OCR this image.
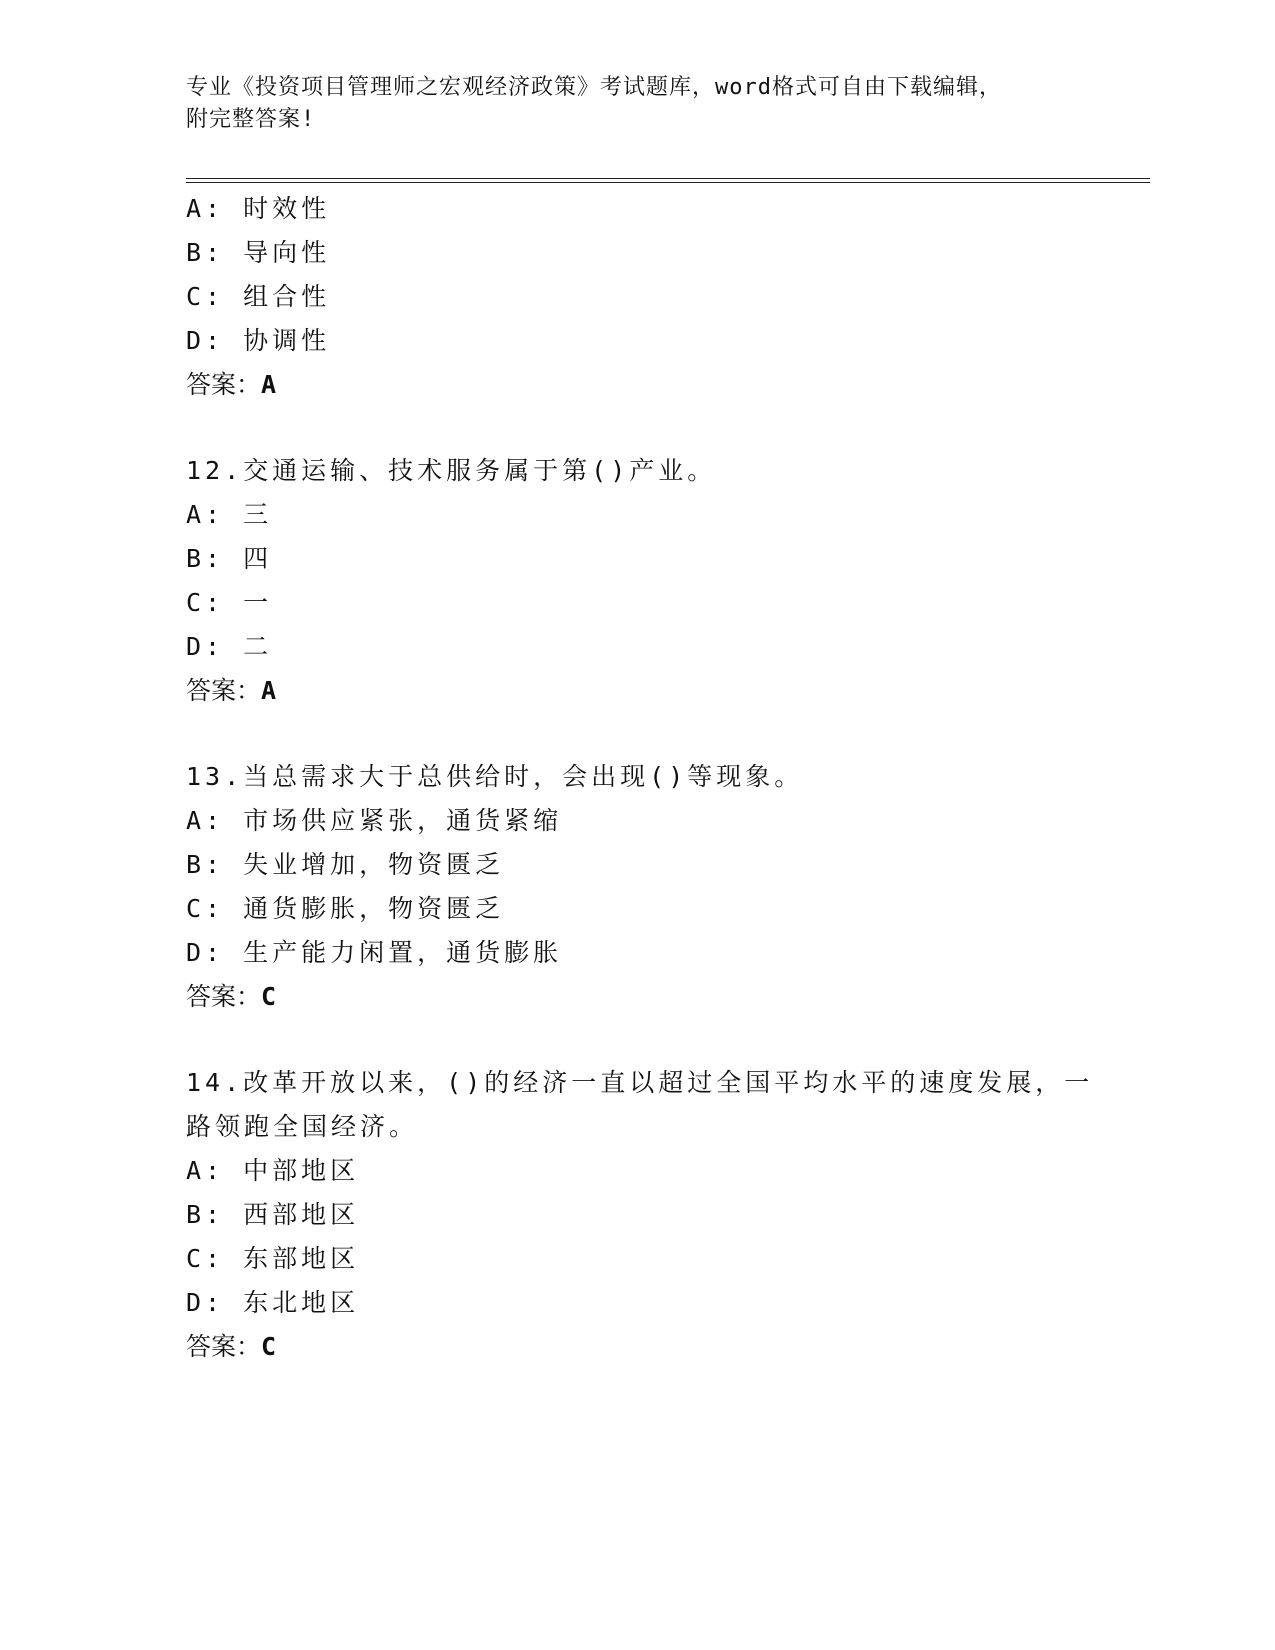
专业《投资项目管理师之宏观经济政策》考试题库，word格式可自由下载编辑，
附完整答案!
A: 时效性
B: 导向性
C: 组合性
D: 协调性
答案：A
12.交通运输、技术服务属于第()产业。
A: 三
B: 四
C: 一
D: 二
答案：A
13.当总需求大于总供给时，会出现()等现象。
A: 市场供应紧张，通货紧缩
B: 失业增加，物资匮乏
C: 通货膨胀，物资匮乏
D: 生产能力闲置，通货膨胀
答案：C
14.改革开放以来，()的经济一直以超过全国平均水平的速度发展，一
路领跑全国经济。
A: 中部地区
B: 西部地区
C: 东部地区
D: 东北地区
答案：C
